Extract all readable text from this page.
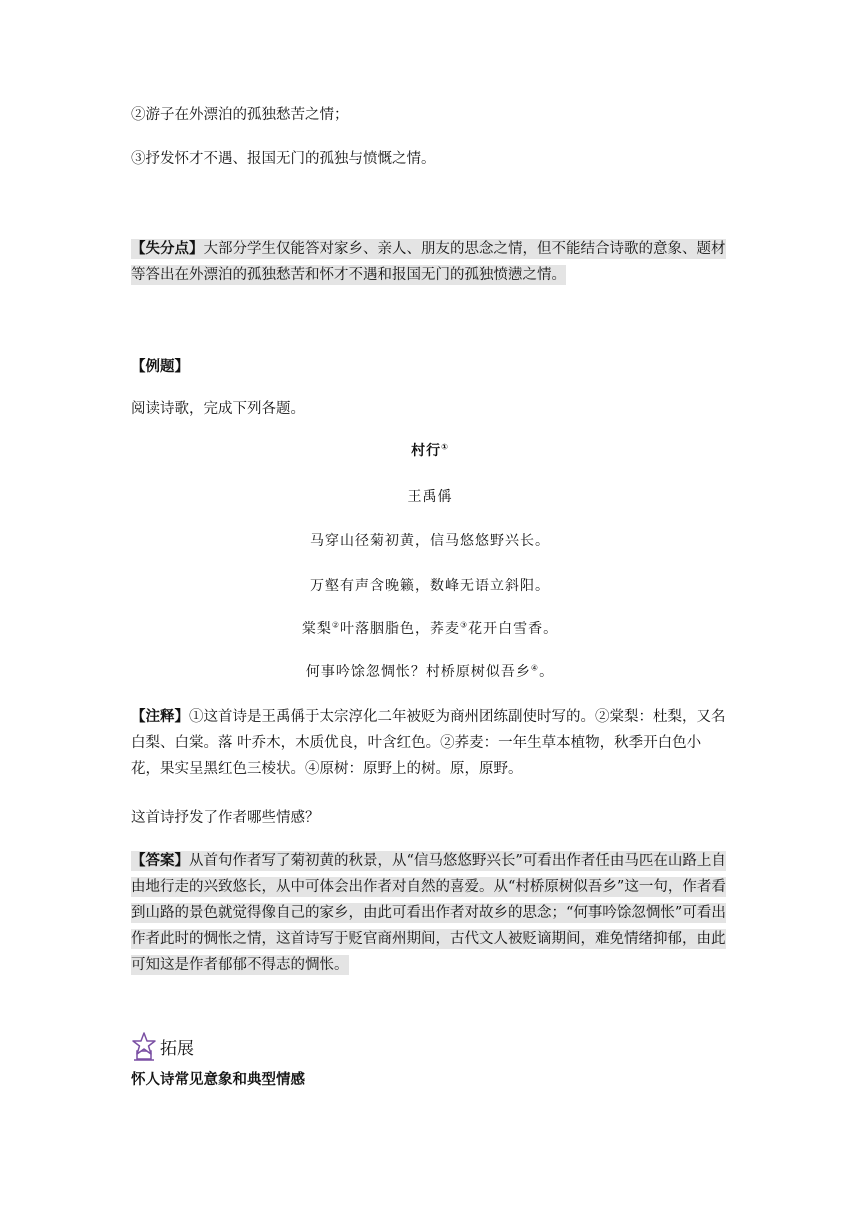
②游子在外漂泊的孤独愁苦之情；

③抒发怀才不遇、报国无门的孤独与愤慨之情。

【失分点】大部分学生仅能答对家乡、亲人、朋友的思念之情，但不能结合诗歌的意象、题材等答出在外漂泊的孤独愁苦和怀才不遇和报国无门的孤独愤懑之情。

【例题】

阅读诗歌，完成下列各题。

村行①
王禹偁
马穿山径菊初黄，信马悠悠野兴长。
万壑有声含晚籁，数峰无语立斜阳。
棠梨②叶落胭脂色，荞麦③花开白雪香。
何事吟馀忽惆怅？村桥原树似吾乡④。

【注释】①这首诗是王禹偁于太宗淳化二年被贬为商州团练副使时写的。②棠梨：杜梨，又名白梨、白棠。落 叶乔木，木质优良，叶含红色。②荞麦：一年生草本植物，秋季开白色小花，果实呈黑红色三棱状。④原树：原野上的树。原，原野。

这首诗抒发了作者哪些情感？

【答案】从首句作者写了菊初黄的秋景，从“信马悠悠野兴长”可看出作者任由马匹在山路上自由地行走的兴致悠长，从中可体会出作者对自然的喜爱。从“村桥原树似吾乡”这一句，作者看到山路的景色就觉得像自己的家乡，由此可看出作者对故乡的思念；“何事吟馀忽惆怅”可看出作者此时的惆怅之情，这首诗写于贬官商州期间，古代文人被贬谪期间，难免情绪抑郁，由此可知这是作者郁郁不得志的惆怅。

拓展
怀人诗常见意象和典型情感
